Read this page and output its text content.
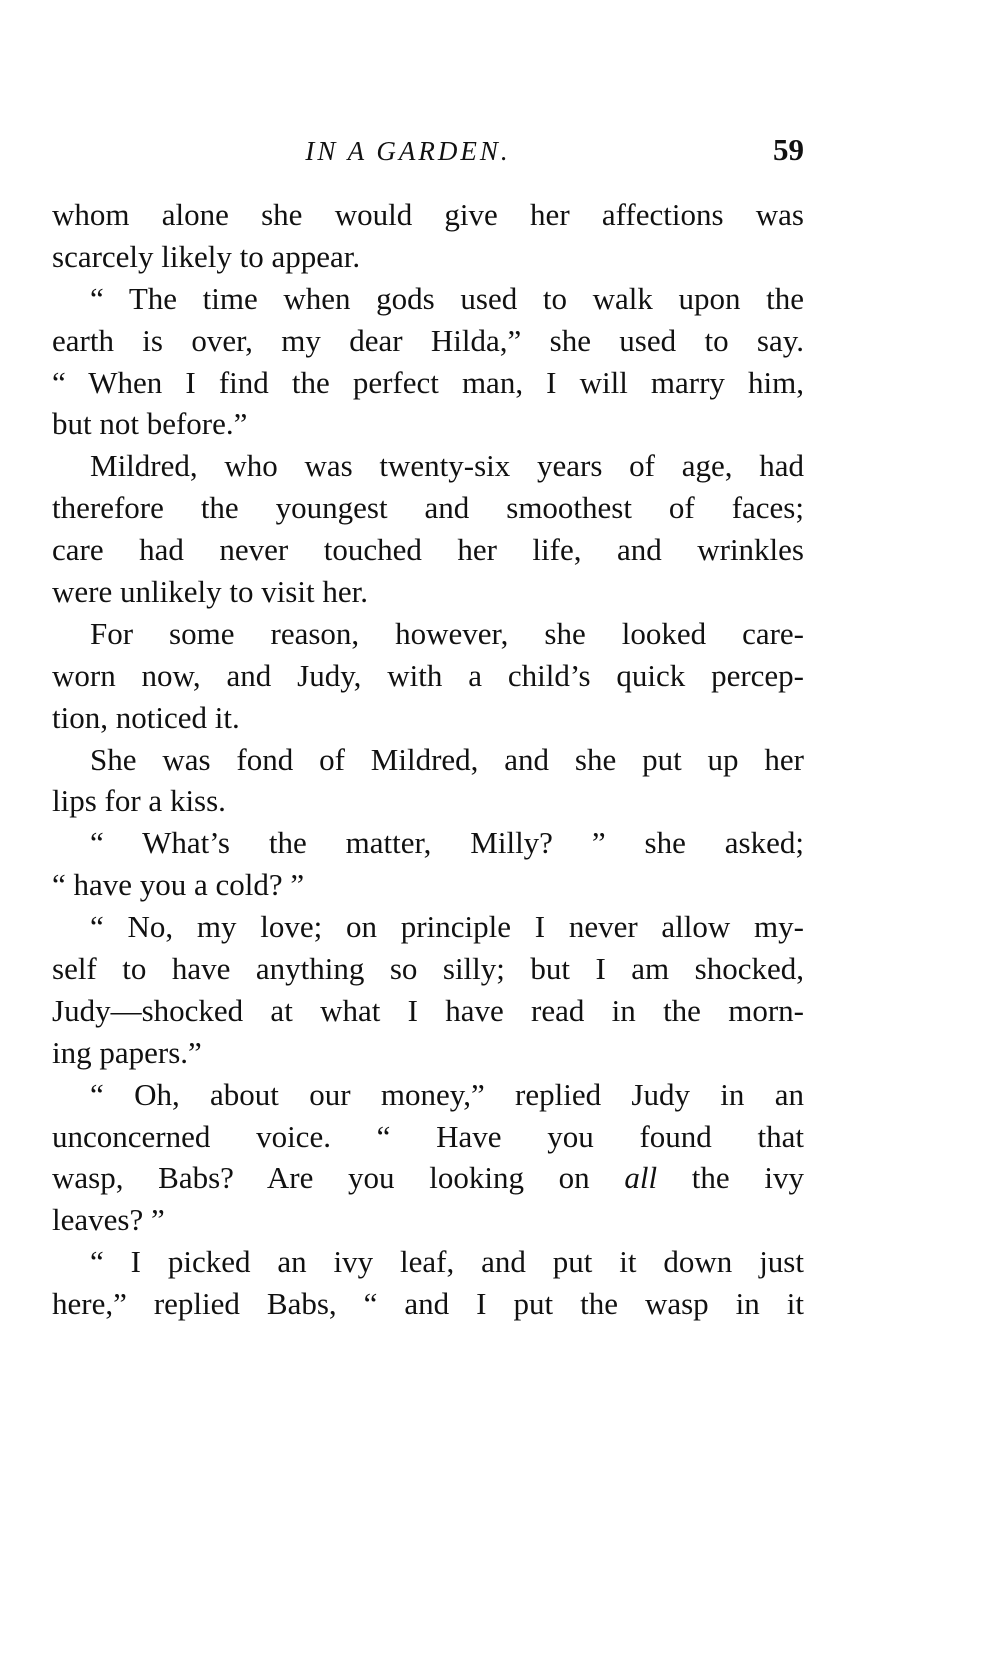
IN A GARDEN.	59
whom alone she would give her affections was
scarcely likely to appear.
“ The time when gods used to walk upon the
earth is over, my dear Hilda,” she used to say.
“ When I find the perfect man, I will marry him,
but not before.”
Mildred, who was twenty-six years of age, had
therefore the youngest and smoothest of faces;
care had never touched her life, and wrinkles
were unlikely to visit her.
For some reason, however, she looked care-
worn now, and Judy, with a child’s quick percep-
tion, noticed it.
She was fond of Mildred, and she put up her
lips for a kiss.
“ What’s the matter, Milly? ” she asked;
“ have you a cold? ”
“ No, my love; on principle I never allow my-
self to have anything so silly; but I am shocked,
Judy—shocked at what I have read in the morn-
ing papers.”
“ Oh, about our money,” replied Judy in an
unconcerned voice. “ Have you found that
wasp, Babs? Are you looking on all the ivy
leaves? ”
“ I picked an ivy leaf, and put it down just
here,” replied Babs, “ and I put the wasp in it
